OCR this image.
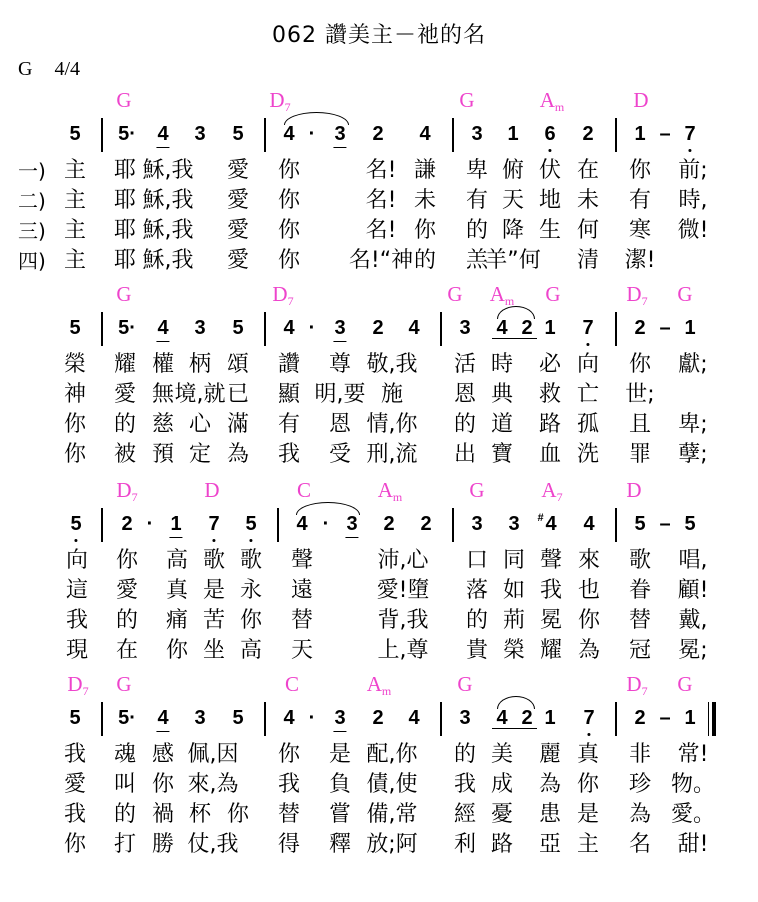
062 讚美主－祂的名
G 4/4
G	$D_7$	G	$A_m$	D
5 5· 4 3 5 4 · 3 2 4 3 1 6 2 1 – 7
一) 主 耶 穌,我 愛 你	名! 謙 卑 俯 伏 在 你 前;
二) 主 耶 穌,我 愛 你	名! 未 有 天 地 未 有 時,
三) 主 耶 穌,我 愛 你	名! 你 的 降 生 何 寒 微!
四) 主 耶 穌,我 愛 你 名!“神 的 羔
羊”何 清 潔!
G	$D_7$	G $A_m$ G	$D_7$ G
5 5· 4 3 5 4 · 3 2 4 3 4 2 1 7 2 – 1
榮 耀 權 柄 頌 讚 尊 敬,我 活 時 必 向 你 獻;
神 愛 無 境,就 已 顯 明,要 施 恩 典 救 亡 世;
你 的 慈 心 滿 有 恩 情,你 的 道 路 孤 且 卑;
你 被 預 定 為 我 受 刑,流 出 寶 血 洗 罪 孽;
$D_7$	D	C	$A_m$	G	$A_7$	D
5 2 · 1 7 5 4 · 3 2 2 3 3 4
# 4 5 – 5
向 你 高 歌 歌 聲	沛,心 口 同 聲 來 歌 唱,
這 愛 真 是 永 遠	愛!墮 落 如 我 也 眷 顧!
我 的 痛 苦 你 替	背,我 的 荊 冕 你 替 戴,
現 在 你 坐 高 天	上,尊 貴 榮 耀 為 冠 冕;
$D_7$ G	C	$A_m$	G	$D_7$ G
5 5· 4 3 5 4 · 3 2 4 3 4 2 1 7 2 – 1
我 魂 感 佩,因 你 是 配,你 的 美 麗 真 非 常!
愛 叫 你 來,為 我 負 債,使 我 成 為 你 珍 物。
我 的 禍 杯 你 替 嘗 備,常 經 憂 患 是 為 愛。
你 打 勝 仗,我 得 釋 放;阿 利 路 亞 主 名 甜!
